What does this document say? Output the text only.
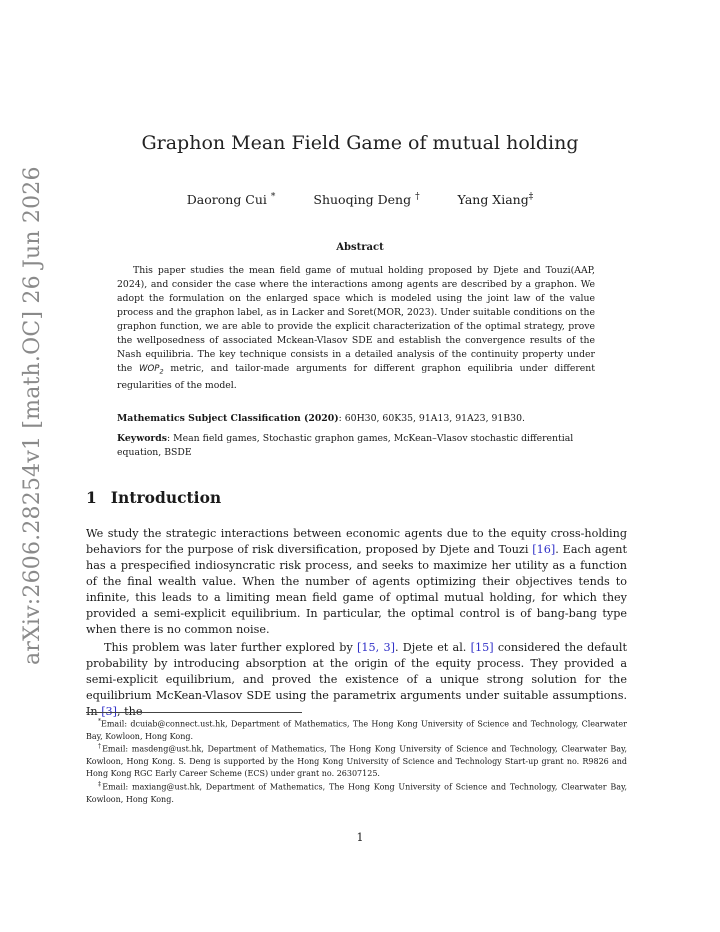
arXiv:2606.28254v1 [math.OC] 26 Jun 2026
Graphon Mean Field Game of mutual holding
Daorong Cui *	Shuoqing Deng †	Yang Xiang‡
Abstract
This paper studies the mean field game of mutual holding proposed by Djete and Touzi(AAP, 2024), and consider the case where the interactions among agents are described by a graphon. We adopt the formulation on the enlarged space which is modeled using the joint law of the value process and the graphon label, as in Lacker and Soret(MOR, 2023). Under suitable conditions on the graphon function, we are able to provide the explicit characterization of the optimal strategy, prove the wellposedness of associated Mckean-Vlasov SDE and establish the convergence results of the Nash equilibria. The key technique consists in a detailed analysis of the continuity property under the $WOP_2$ metric, and tailor-made arguments for different graphon equilibria under different regularities of the model.
Mathematics Subject Classification (2020): 60H30, 60K35, 91A13, 91A23, 91B30.
Keywords: Mean field games, Stochastic graphon games, McKean–Vlasov stochastic differential equation, BSDE
1 Introduction
We study the strategic interactions between economic agents due to the equity cross-holding behaviors for the purpose of risk diversification, proposed by Djete and Touzi [16]. Each agent has a prespecified indiosyncratic risk process, and seeks to maximize her utility as a function of the final wealth value. When the number of agents optimizing their objectives tends to infinite, this leads to a limiting mean field game of optimal mutual holding, for which they provided a semi-explicit equilibrium. In particular, the optimal control is of bang-bang type when there is no common noise.
This problem was later further explored by [15, 3]. Djete et al. [15] considered the default probability by introducing absorption at the origin of the equity process. They provided a semi-explicit equilibrium, and proved the existence of a unique strong solution for the equilibrium McKean-Vlasov SDE using the parametrix arguments under suitable assumptions. In [3], the
*Email: dcuiab@connect.ust.hk, Department of Mathematics, The Hong Kong University of Science and Technology, Clearwater Bay, Kowloon, Hong Kong.
†Email: masdeng@ust.hk, Department of Mathematics, The Hong Kong University of Science and Technology, Clearwater Bay, Kowloon, Hong Kong. S. Deng is supported by the Hong Kong University of Science and Technology Start-up grant no. R9826 and Hong Kong RGC Early Career Scheme (ECS) under grant no. 26307125.
‡Email: maxiang@ust.hk, Department of Mathematics, The Hong Kong University of Science and Technology, Clearwater Bay, Kowloon, Hong Kong.
1
